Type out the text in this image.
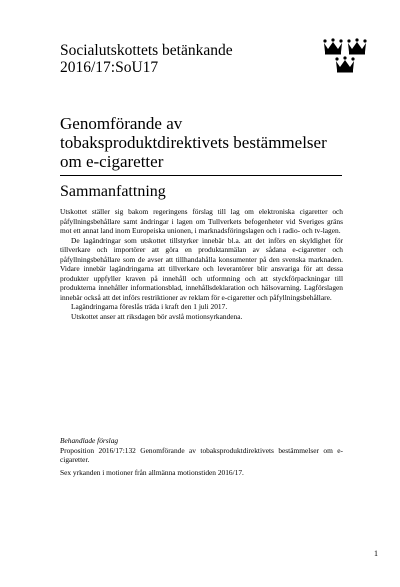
Socialutskottets betänkande
2016/17:SoU17
Genomförande av
tobaksproduktdirektivets bestämmelser
om e-cigaretter
Sammanfattning

Utskottet ställer sig bakom regeringens förslag till lag om elektroniska cigaretter och påfyllningsbehållare samt ändringar i lagen om Tullverkets befogenheter vid Sveriges gräns mot ett annat land inom Europeiska unionen, i marknadsföringslagen och i radio- och tv-lagen.

De lagändringar som utskottet tillstyrker innebär bl.a. att det införs en skyldighet för tillverkare och importörer att göra en produktanmälan av sådana e-cigaretter och påfyllningsbehållare som de avser att tillhandahålla konsumenter på den svenska marknaden. Vidare innebär lagändringarna att tillverkare och leverantörer blir ansvariga för att dessa produkter uppfyller kraven på innehåll och utformning och att styckförpackningar till produkterna innehåller informationsblad, innehållsdeklaration och hälsovarning. Lagförslagen innebär också att det införs restriktioner av reklam för e-cigaretter och påfyllningsbehållare.

Lagändringarna föreslås träda i kraft den 1 juli 2017.

Utskottet anser att riksdagen bör avslå motionsyrkandena.

Behandlade förslag

Proposition 2016/17:132 Genomförande av tobaksproduktdirektivets bestämmelser om e-cigaretter.

Sex yrkanden i motioner från allmänna motionstiden 2016/17.

1
